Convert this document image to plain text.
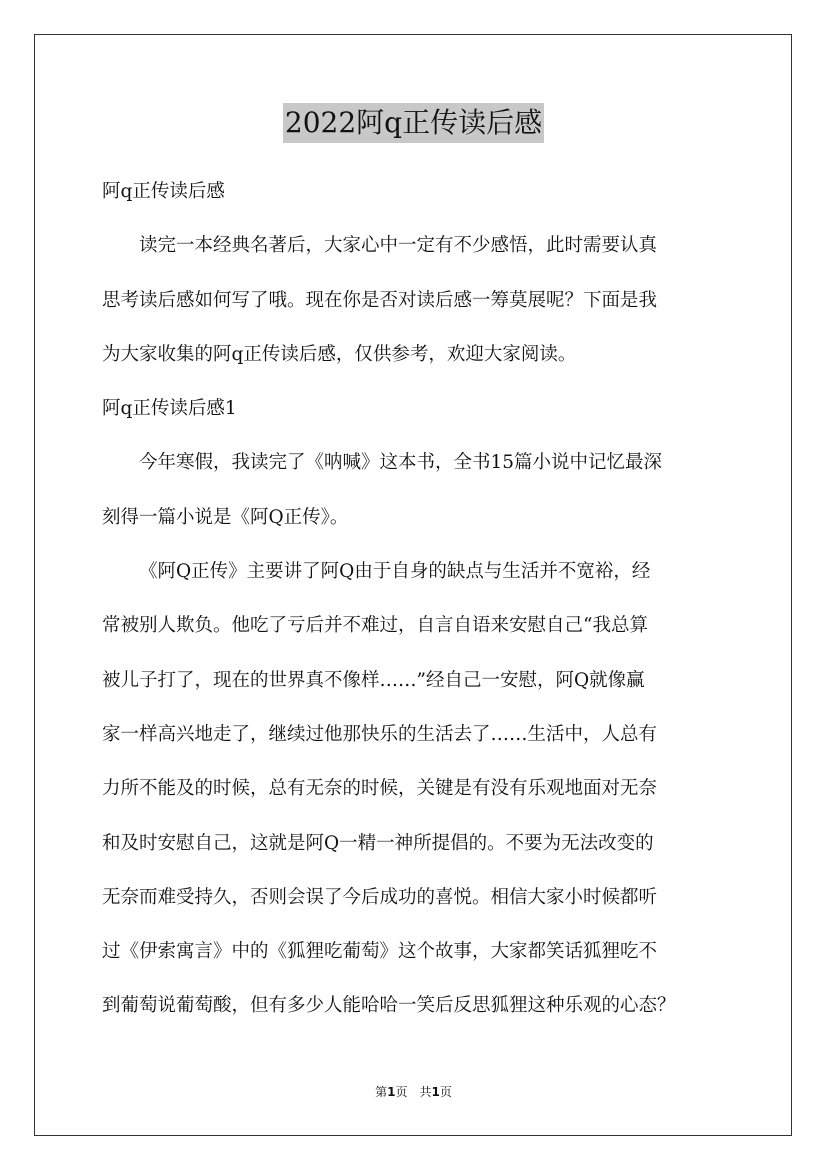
2022阿q正传读后感
阿q正传读后感
读完一本经典名著后，大家心中一定有不少感悟，此时需要认真
思考读后感如何写了哦。现在你是否对读后感一筹莫展呢？下面是我
为大家收集的阿q正传读后感，仅供参考，欢迎大家阅读。
阿q正传读后感1
今年寒假，我读完了《呐喊》这本书，全书15篇小说中记忆最深
刻得一篇小说是《阿Q正传》。
《阿Q正传》主要讲了阿Q由于自身的缺点与生活并不宽裕，经
常被别人欺负。他吃了亏后并不难过，自言自语来安慰自己“我总算
被儿子打了，现在的世界真不像样……”经自己一安慰，阿Q就像赢
家一样高兴地走了，继续过他那快乐的生活去了……生活中，人总有
力所不能及的时候，总有无奈的时候，关键是有没有乐观地面对无奈
和及时安慰自己，这就是阿Q一精一神所提倡的。不要为无法改变的
无奈而难受持久，否则会误了今后成功的喜悦。相信大家小时候都听
过《伊索寓言》中的《狐狸吃葡萄》这个故事，大家都笑话狐狸吃不
到葡萄说葡萄酸，但有多少人能哈哈一笑后反思狐狸这种乐观的心态？
第1页 共1页
